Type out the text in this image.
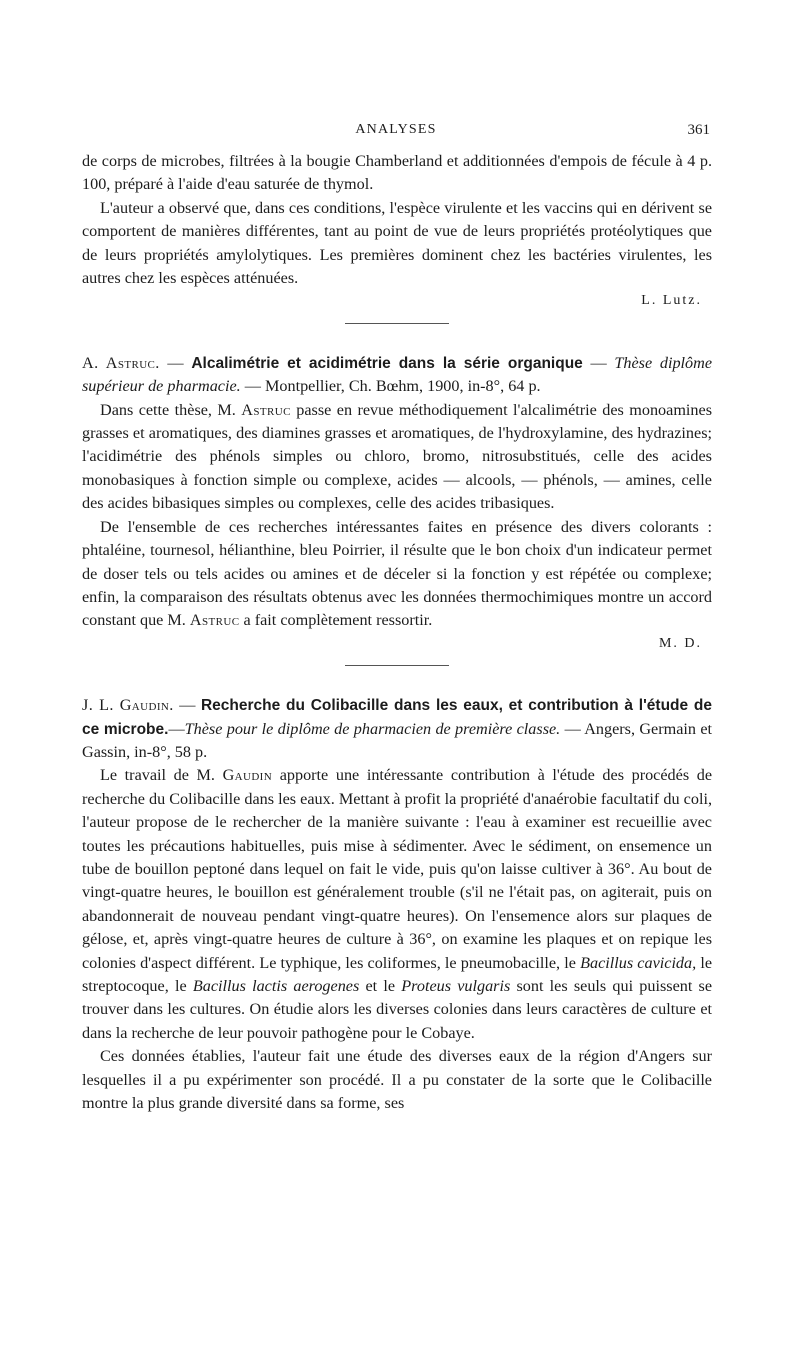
ANALYSES	361

de corps de microbes, filtrées à la bougie Chamberland et additionnées d'empois de fécule à 4 p. 100, préparé à l'aide d'eau saturée de thymol.

L'auteur a observé que, dans ces conditions, l'espèce virulente et les vaccins qui en dérivent se comportent de manières différentes, tant au point de vue de leurs propriétés protéolytiques que de leurs propriétés amylolytiques. Les premières dominent chez les bactéries virulentes, les autres chez les espèces atténuées.

L. Lutz.

A. Astruc. — Alcalimétrie et acidimétrie dans la série organique — Thèse diplôme supérieur de pharmacie. — Montpellier, Ch. Bœhm, 1900, in-8°, 64 p.

Dans cette thèse, M. Astruc passe en revue méthodiquement l'alcalimétrie des monoamines grasses et aromatiques, des diamines grasses et aromatiques, de l'hydroxylamine, des hydrazines; l'acidimétrie des phénols simples ou chloro, bromo, nitrosubstitués, celle des acides monobasiques à fonction simple ou complexe, acides — alcools, — phénols, — amines, celle des acides bibasiques simples ou complexes, celle des acides tribasiques.

De l'ensemble de ces recherches intéressantes faites en présence des divers colorants : phtaléine, tournesol, hélianthine, bleu Poirrier, il résulte que le bon choix d'un indicateur permet de doser tels ou tels acides ou amines et de déceler si la fonction y est répétée ou complexe; enfin, la comparaison des résultats obtenus avec les données thermochimiques montre un accord constant que M. Astruc a fait complètement ressortir.

M. D.

J. L. Gaudin. — Recherche du Colibacille dans les eaux, et contribution à l'étude de ce microbe.—Thèse pour le diplôme de pharmacien de première classe. — Angers, Germain et Gassin, in-8°, 58 p.

Le travail de M. Gaudin apporte une intéressante contribution à l'étude des procédés de recherche du Colibacille dans les eaux. Mettant à profit la propriété d'anaérobie facultatif du coli, l'auteur propose de le rechercher de la manière suivante : l'eau à examiner est recueillie avec toutes les précautions habituelles, puis mise à sédimenter. Avec le sédiment, on ensemence un tube de bouillon peptoné dans lequel on fait le vide, puis qu'on laisse cultiver à 36°. Au bout de vingt-quatre heures, le bouillon est généralement trouble (s'il ne l'était pas, on agiterait, puis on abandonnerait de nouveau pendant vingt-quatre heures). On l'ensemence alors sur plaques de gélose, et, après vingt-quatre heures de culture à 36°, on examine les plaques et on repique les colonies d'aspect différent. Le typhique, les coliformes, le pneumobacille, le Bacillus cavicida, le streptocoque, le Bacillus lactis aerogenes et le Proteus vulgaris sont les seuls qui puissent se trouver dans les cultures. On étudie alors les diverses colonies dans leurs caractères de culture et dans la recherche de leur pouvoir pathogène pour le Cobaye.

Ces données établies, l'auteur fait une étude des diverses eaux de la région d'Angers sur lesquelles il a pu expérimenter son procédé. Il a pu constater de la sorte que le Colibacille montre la plus grande diversité dans sa forme, ses
